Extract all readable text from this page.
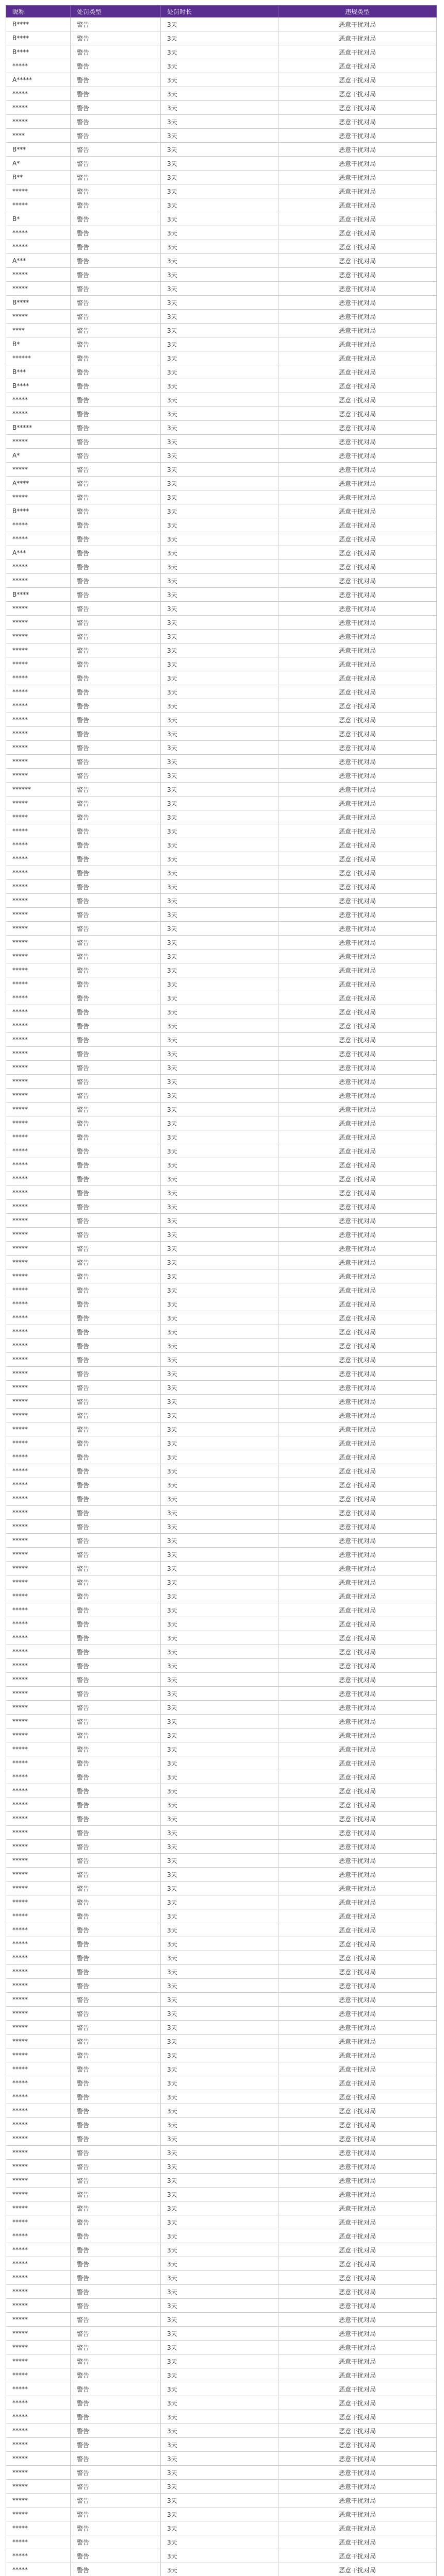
昵称	处罚类型	处罚时长	违规类型
B****	警告	3天	恶意干扰对局
B****	警告	3天	恶意干扰对局
B****	警告	3天	恶意干扰对局
*****	警告	3天	恶意干扰对局
A*****	警告	3天	恶意干扰对局
*****	警告	3天	恶意干扰对局
*****	警告	3天	恶意干扰对局
*****	警告	3天	恶意干扰对局
****	警告	3天	恶意干扰对局
B***	警告	3天	恶意干扰对局
A*	警告	3天	恶意干扰对局
B**	警告	3天	恶意干扰对局
*****	警告	3天	恶意干扰对局
*****	警告	3天	恶意干扰对局
B*	警告	3天	恶意干扰对局
*****	警告	3天	恶意干扰对局
*****	警告	3天	恶意干扰对局
A***	警告	3天	恶意干扰对局
*****	警告	3天	恶意干扰对局
*****	警告	3天	恶意干扰对局
B****	警告	3天	恶意干扰对局
*****	警告	3天	恶意干扰对局
****	警告	3天	恶意干扰对局
B*	警告	3天	恶意干扰对局
******	警告	3天	恶意干扰对局
B***	警告	3天	恶意干扰对局
B****	警告	3天	恶意干扰对局
*****	警告	3天	恶意干扰对局
*****	警告	3天	恶意干扰对局
B*****	警告	3天	恶意干扰对局
*****	警告	3天	恶意干扰对局
A*	警告	3天	恶意干扰对局
*****	警告	3天	恶意干扰对局
A****	警告	3天	恶意干扰对局
*****	警告	3天	恶意干扰对局
B****	警告	3天	恶意干扰对局
*****	警告	3天	恶意干扰对局
*****	警告	3天	恶意干扰对局
A***	警告	3天	恶意干扰对局
*****	警告	3天	恶意干扰对局
*****	警告	3天	恶意干扰对局
B****	警告	3天	恶意干扰对局
*****	警告	3天	恶意干扰对局
*****	警告	3天	恶意干扰对局
*****	警告	3天	恶意干扰对局
*****	警告	3天	恶意干扰对局
*****	警告	3天	恶意干扰对局
*****	警告	3天	恶意干扰对局
*****	警告	3天	恶意干扰对局
*****	警告	3天	恶意干扰对局
*****	警告	3天	恶意干扰对局
*****	警告	3天	恶意干扰对局
*****	警告	3天	恶意干扰对局
*****	警告	3天	恶意干扰对局
*****	警告	3天	恶意干扰对局
******	警告	3天	恶意干扰对局
*****	警告	3天	恶意干扰对局
*****	警告	3天	恶意干扰对局
*****	警告	3天	恶意干扰对局
*****	警告	3天	恶意干扰对局
*****	警告	3天	恶意干扰对局
*****	警告	3天	恶意干扰对局
*****	警告	3天	恶意干扰对局
*****	警告	3天	恶意干扰对局
*****	警告	3天	恶意干扰对局
*****	警告	3天	恶意干扰对局
*****	警告	3天	恶意干扰对局
*****	警告	3天	恶意干扰对局
*****	警告	3天	恶意干扰对局
*****	警告	3天	恶意干扰对局
*****	警告	3天	恶意干扰对局
*****	警告	3天	恶意干扰对局
*****	警告	3天	恶意干扰对局
*****	警告	3天	恶意干扰对局
*****	警告	3天	恶意干扰对局
*****	警告	3天	恶意干扰对局
*****	警告	3天	恶意干扰对局
*****	警告	3天	恶意干扰对局
*****	警告	3天	恶意干扰对局
*****	警告	3天	恶意干扰对局
*****	警告	3天	恶意干扰对局
*****	警告	3天	恶意干扰对局
*****	警告	3天	恶意干扰对局
*****	警告	3天	恶意干扰对局
*****	警告	3天	恶意干扰对局
*****	警告	3天	恶意干扰对局
*****	警告	3天	恶意干扰对局
*****	警告	3天	恶意干扰对局
*****	警告	3天	恶意干扰对局
*****	警告	3天	恶意干扰对局
*****	警告	3天	恶意干扰对局
*****	警告	3天	恶意干扰对局
*****	警告	3天	恶意干扰对局
*****	警告	3天	恶意干扰对局
*****	警告	3天	恶意干扰对局
*****	警告	3天	恶意干扰对局
*****	警告	3天	恶意干扰对局
*****	警告	3天	恶意干扰对局
*****	警告	3天	恶意干扰对局
*****	警告	3天	恶意干扰对局
*****	警告	3天	恶意干扰对局
*****	警告	3天	恶意干扰对局
*****	警告	3天	恶意干扰对局
*****	警告	3天	恶意干扰对局
*****	警告	3天	恶意干扰对局
*****	警告	3天	恶意干扰对局
*****	警告	3天	恶意干扰对局
*****	警告	3天	恶意干扰对局
*****	警告	3天	恶意干扰对局
*****	警告	3天	恶意干扰对局
*****	警告	3天	恶意干扰对局
*****	警告	3天	恶意干扰对局
*****	警告	3天	恶意干扰对局
*****	警告	3天	恶意干扰对局
*****	警告	3天	恶意干扰对局
*****	警告	3天	恶意干扰对局
*****	警告	3天	恶意干扰对局
*****	警告	3天	恶意干扰对局
*****	警告	3天	恶意干扰对局
*****	警告	3天	恶意干扰对局
*****	警告	3天	恶意干扰对局
*****	警告	3天	恶意干扰对局
*****	警告	3天	恶意干扰对局
*****	警告	3天	恶意干扰对局
*****	警告	3天	恶意干扰对局
*****	警告	3天	恶意干扰对局
*****	警告	3天	恶意干扰对局
*****	警告	3天	恶意干扰对局
*****	警告	3天	恶意干扰对局
*****	警告	3天	恶意干扰对局
*****	警告	3天	恶意干扰对局
*****	警告	3天	恶意干扰对局
*****	警告	3天	恶意干扰对局
*****	警告	3天	恶意干扰对局
*****	警告	3天	恶意干扰对局
*****	警告	3天	恶意干扰对局
*****	警告	3天	恶意干扰对局
*****	警告	3天	恶意干扰对局
*****	警告	3天	恶意干扰对局
*****	警告	3天	恶意干扰对局
*****	警告	3天	恶意干扰对局
*****	警告	3天	恶意干扰对局
*****	警告	3天	恶意干扰对局
*****	警告	3天	恶意干扰对局
*****	警告	3天	恶意干扰对局
*****	警告	3天	恶意干扰对局
*****	警告	3天	恶意干扰对局
*****	警告	3天	恶意干扰对局
*****	警告	3天	恶意干扰对局
*****	警告	3天	恶意干扰对局
*****	警告	3天	恶意干扰对局
*****	警告	3天	恶意干扰对局
*****	警告	3天	恶意干扰对局
*****	警告	3天	恶意干扰对局
*****	警告	3天	恶意干扰对局
*****	警告	3天	恶意干扰对局
*****	警告	3天	恶意干扰对局
*****	警告	3天	恶意干扰对局
*****	警告	3天	恶意干扰对局
*****	警告	3天	恶意干扰对局
*****	警告	3天	恶意干扰对局
*****	警告	3天	恶意干扰对局
*****	警告	3天	恶意干扰对局
*****	警告	3天	恶意干扰对局
*****	警告	3天	恶意干扰对局
*****	警告	3天	恶意干扰对局
*****	警告	3天	恶意干扰对局
*****	警告	3天	恶意干扰对局
*****	警告	3天	恶意干扰对局
*****	警告	3天	恶意干扰对局
*****	警告	3天	恶意干扰对局
*****	警告	3天	恶意干扰对局
*****	警告	3天	恶意干扰对局
*****	警告	3天	恶意干扰对局
*****	警告	3天	恶意干扰对局
*****	警告	3天	恶意干扰对局
*****	警告	3天	恶意干扰对局
*****	警告	3天	恶意干扰对局
*****	警告	3天	恶意干扰对局
*****	警告	3天	恶意干扰对局
*****	警告	3天	恶意干扰对局
*****	警告	3天	恶意干扰对局
*****	警告	3天	恶意干扰对局
*****	警告	3天	恶意干扰对局
